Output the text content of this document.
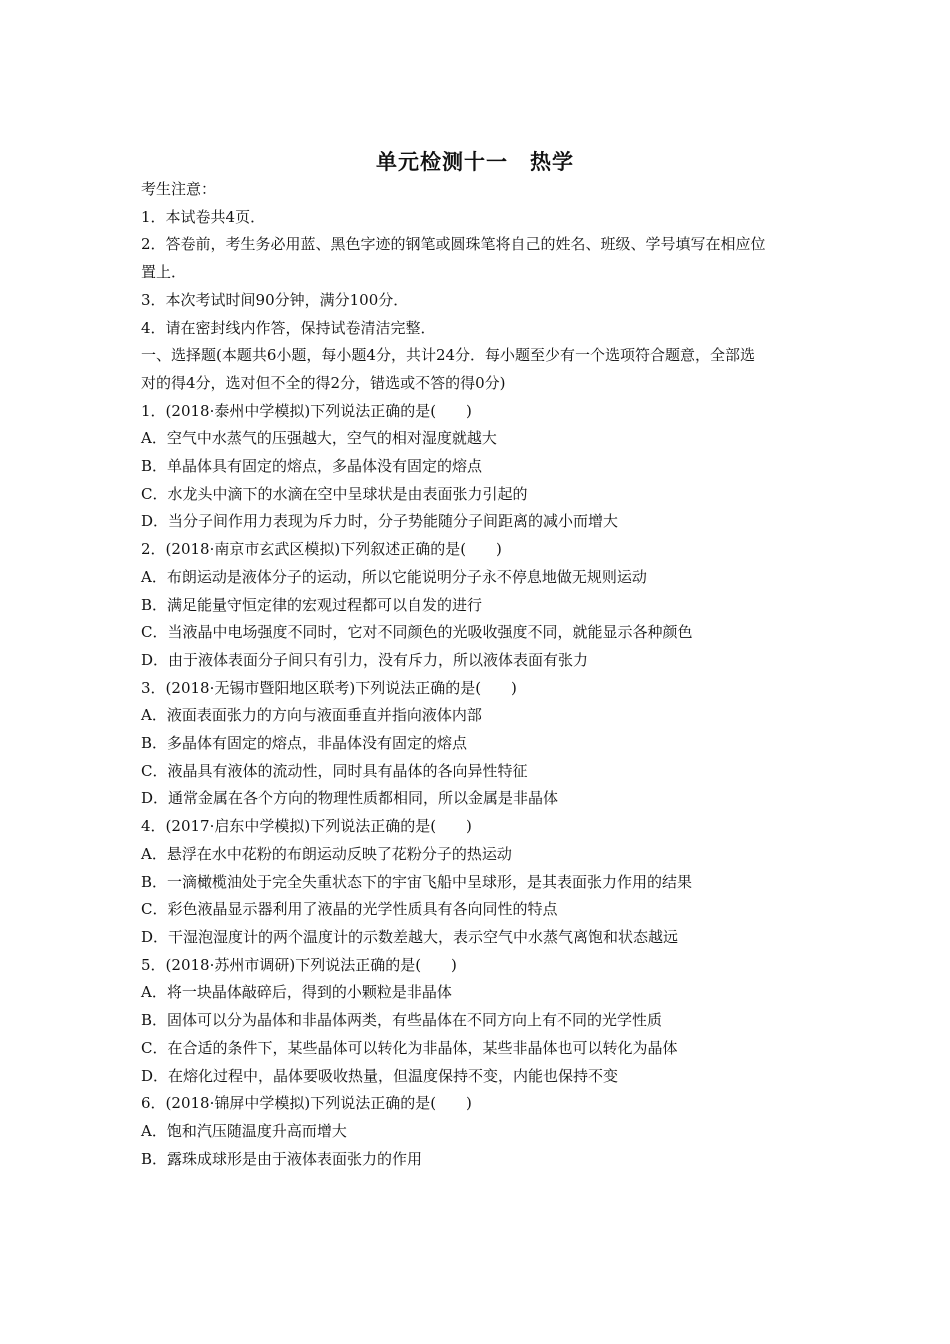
单元检测十一　热学

考生注意：

1．本试卷共4页．

2．答卷前，考生务必用蓝、黑色字迹的钢笔或圆珠笔将自己的姓名、班级、学号填写在相应位

置上．

3．本次考试时间90分钟，满分100分．

4．请在密封线内作答，保持试卷清洁完整．

一、选择题(本题共6小题，每小题4分，共计24分．每小题至少有一个选项符合题意，全部选

对的得4分，选对但不全的得2分，错选或不答的得0分)

1．(2018·泰州中学模拟)下列说法正确的是(　　)

A．空气中水蒸气的压强越大，空气的相对湿度就越大

B．单晶体具有固定的熔点，多晶体没有固定的熔点

C．水龙头中滴下的水滴在空中呈球状是由表面张力引起的

D．当分子间作用力表现为斥力时，分子势能随分子间距离的减小而增大

2．(2018·南京市玄武区模拟)下列叙述正确的是(　　)

A．布朗运动是液体分子的运动，所以它能说明分子永不停息地做无规则运动

B．满足能量守恒定律的宏观过程都可以自发的进行

C．当液晶中电场强度不同时，它对不同颜色的光吸收强度不同，就能显示各种颜色

D．由于液体表面分子间只有引力，没有斥力，所以液体表面有张力

3．(2018·无锡市暨阳地区联考)下列说法正确的是(　　)

A．液面表面张力的方向与液面垂直并指向液体内部

B．多晶体有固定的熔点，非晶体没有固定的熔点

C．液晶具有液体的流动性，同时具有晶体的各向异性特征

D．通常金属在各个方向的物理性质都相同，所以金属是非晶体

4．(2017·启东中学模拟)下列说法正确的是(　　)

A．悬浮在水中花粉的布朗运动反映了花粉分子的热运动

B．一滴橄榄油处于完全失重状态下的宇宙飞船中呈球形，是其表面张力作用的结果

C．彩色液晶显示器利用了液晶的光学性质具有各向同性的特点

D．干湿泡湿度计的两个温度计的示数差越大，表示空气中水蒸气离饱和状态越远

5．(2018·苏州市调研)下列说法正确的是(　　)

A．将一块晶体敲碎后，得到的小颗粒是非晶体

B．固体可以分为晶体和非晶体两类，有些晶体在不同方向上有不同的光学性质

C．在合适的条件下，某些晶体可以转化为非晶体，某些非晶体也可以转化为晶体

D．在熔化过程中，晶体要吸收热量，但温度保持不变，内能也保持不变

6．(2018·锦屏中学模拟)下列说法正确的是(　　)

A．饱和汽压随温度升高而增大

B．露珠成球形是由于液体表面张力的作用
